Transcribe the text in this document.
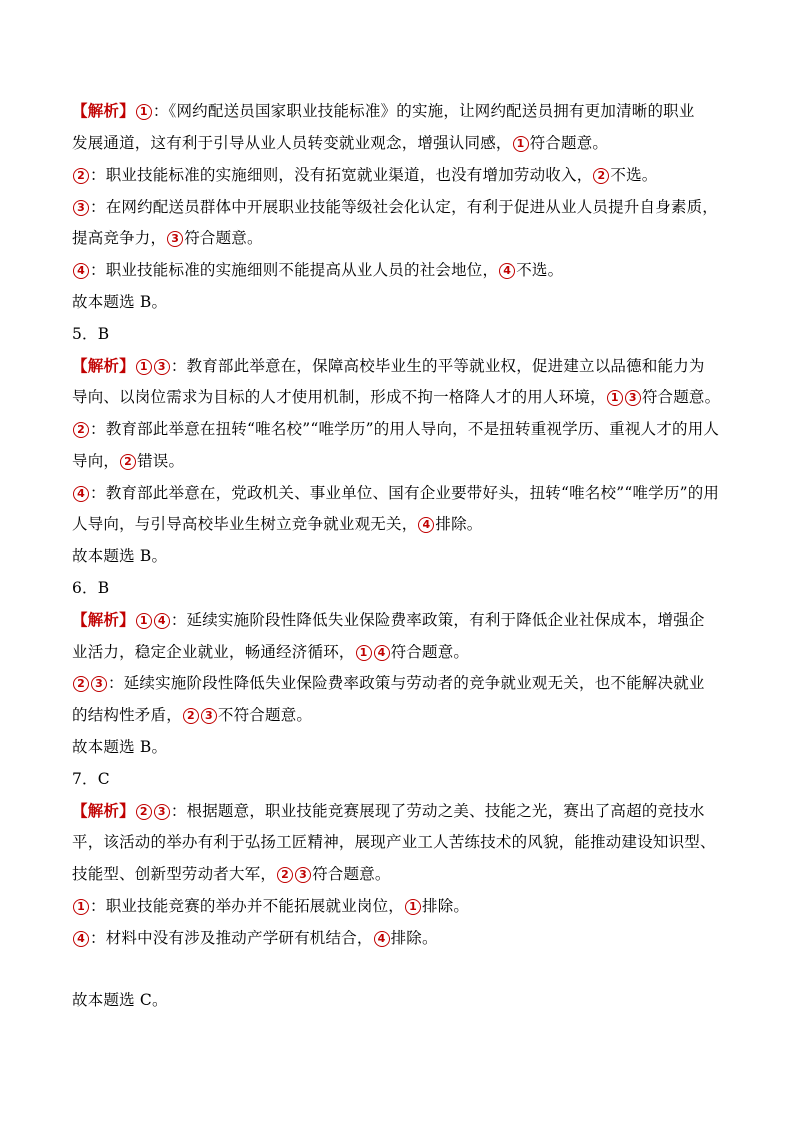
【解析】 1 ：《网约配送员国家职业技能标准》的实施，让网约配送员拥有更加清晰的职业
发展通道，这有利于引导从业人员转变就业观念，增强认同感， 1 符合题意。
2 ：职业技能标准的实施细则，没有拓宽就业渠道，也没有增加劳动收入， 2 不选。
3 ：在网约配送员群体中开展职业技能等级社会化认定，有利于促进从业人员提升自身素质，
提高竞争力， 3 符合题意。
4 ：职业技能标准的实施细则不能提高从业人员的社会地位， 4 不选。
故本题选 B。
5．B
【解析】 1 3 ：教育部此举意在，保障高校毕业生的平等就业权，促进建立以品德和能力为
导向、以岗位需求为目标的人才使用机制，形成不拘一格降人才的用人环境， 1 3 符合题意。
2 ：教育部此举意在扭转“唯名校”“唯学历”的用人导向，不是扭转重视学历、重视人才的用人
导向， 2 错误。
4 ：教育部此举意在，党政机关、事业单位、国有企业要带好头，扭转“唯名校”“唯学历”的用
人导向，与引导高校毕业生树立竞争就业观无关， 4 排除。
故本题选 B。
6．B
【解析】 1 4 ：延续实施阶段性降低失业保险费率政策，有利于降低企业社保成本，增强企
业活力，稳定企业就业，畅通经济循环， 1 4 符合题意。
2 3 ：延续实施阶段性降低失业保险费率政策与劳动者的竞争就业观无关，也不能解决就业
的结构性矛盾， 2 3 不符合题意。
故本题选 B。
7．C
【解析】 2 3 ：根据题意，职业技能竞赛展现了劳动之美、技能之光，赛出了高超的竞技水
平，该活动的举办有利于弘扬工匠精神，展现产业工人苦练技术的风貌，能推动建设知识型、
技能型、创新型劳动者大军， 2 3 符合题意。
1 ：职业技能竞赛的举办并不能拓展就业岗位， 1 排除。
4 ：材料中没有涉及推动产学研有机结合， 4 排除。
故本题选 C。
